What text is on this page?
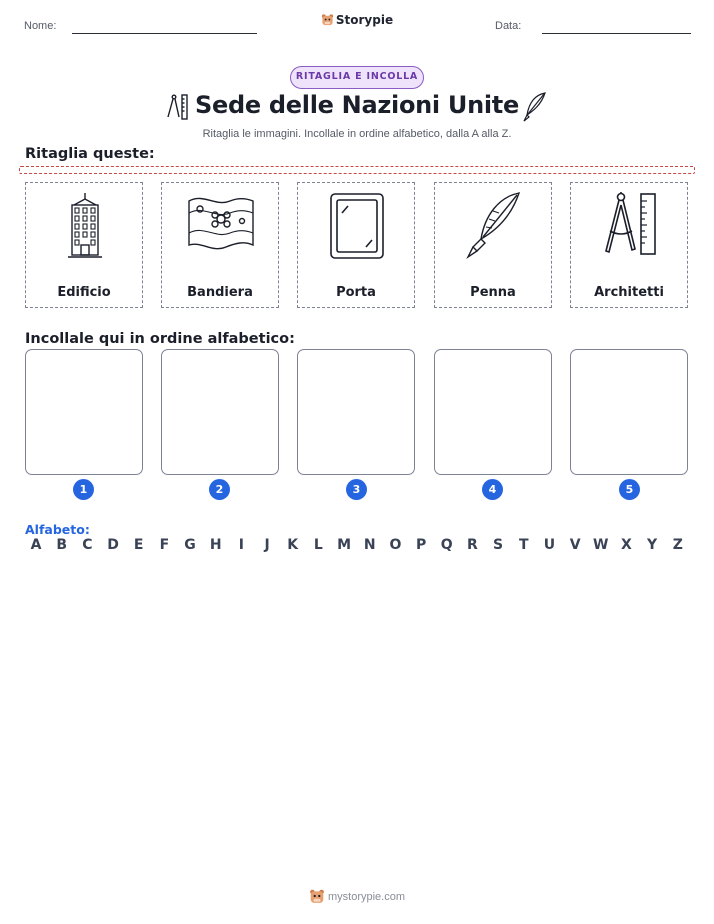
Nome:	Storypie	Data:
RITAGLIA E INCOLLA
Sede delle Nazioni Unite
Ritaglia le immagini. Incollale in ordine alfabetico, dalla A alla Z.
Ritaglia queste:
Edificio	Bandiera	Porta	Penna	Architetti
Incollale qui in ordine alfabetico:
1	2	3	4	5
Alfabeto:
A	B	C	D	E	F	G	H	I	J	K	L	M N O	P	Q	R	S	T	U	V W X	Y	Z
mystorypie.com
